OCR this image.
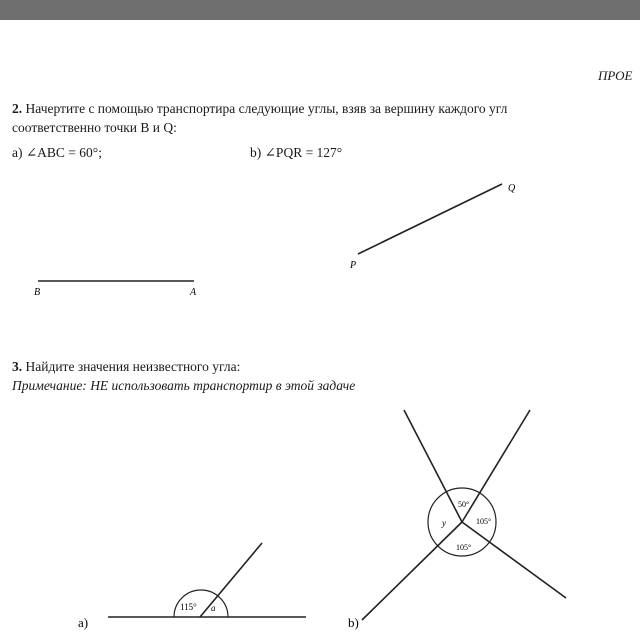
ПРОЕ
2. Начертите с помощью транспортира следующие углы, взяв за вершину каждого угл
соответственно точки B и Q:
a) ∠ABC = 60°;	b) ∠PQR = 127°
3. Найдите значения неизвестного угла:
Примечание: НЕ использовать транспортир в этой задаче
B	A
P
Q
115° a
a)
50°
105°
105°
y
b)
